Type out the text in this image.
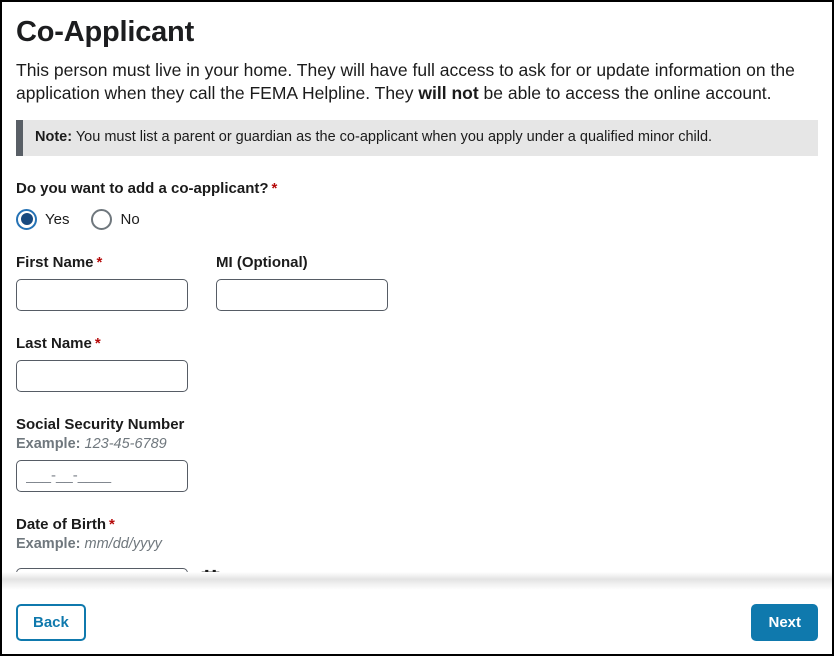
Co-Applicant

This person must live in your home. They will have full access to ask for or update information on the application when they call the FEMA Helpline. They will not be able to access the online account.

Note: You must list a parent or guardian as the co-applicant when you apply under a qualified minor child.
Do you want to add a co-applicant? *
Yes	No
First Name *	MI (Optional)
Last Name *
Social Security Number
Example: 123-45-6789
___-__-____
Date of Birth *
Example: mm/dd/yyyy
MM/DD/YYYY
Back	Next
